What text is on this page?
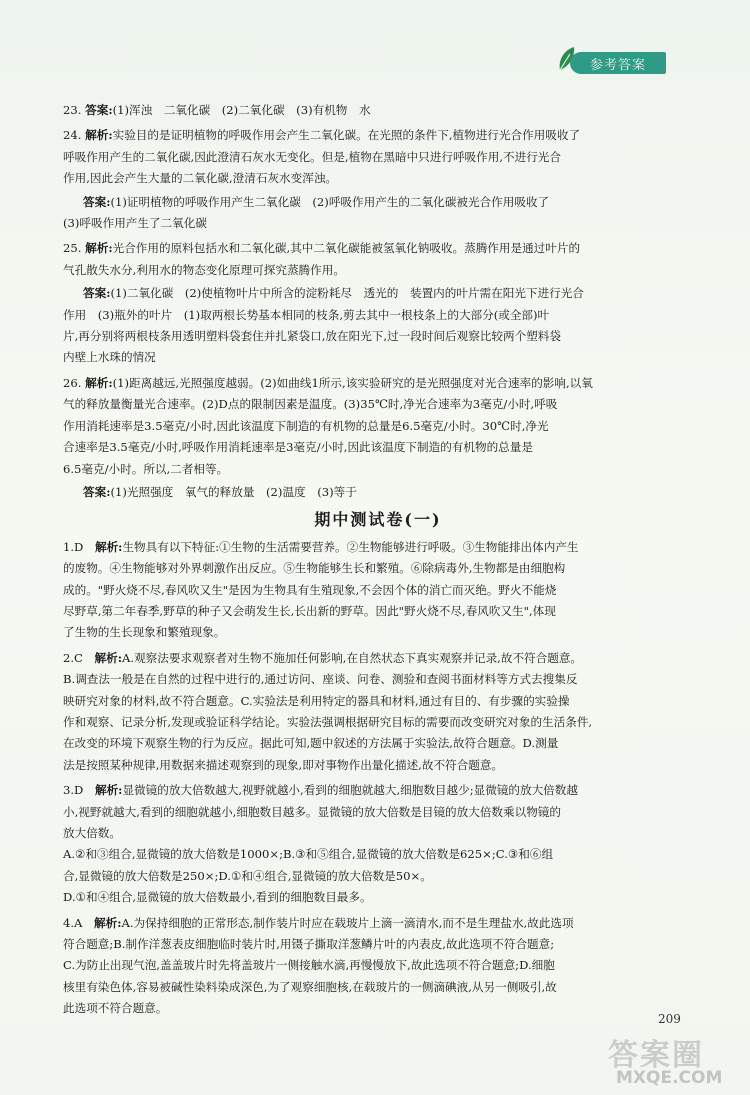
参考答案
23. 答案:(1)浑浊　二氧化碳　(2)二氧化碳　(3)有机物　水
24. 解析:实验目的是证明植物的呼吸作用会产生二氧化碳。在光照的条件下,植物进行光合作用吸收了
呼吸作用产生的二氧化碳,因此澄清石灰水无变化。但是,植物在黑暗中只进行呼吸作用,不进行光合
作用,因此会产生大量的二氧化碳,澄清石灰水变浑浊。
答案:(1)证明植物的呼吸作用产生二氧化碳　(2)呼吸作用产生的二氧化碳被光合作用吸收了
(3)呼吸作用产生了二氧化碳
25. 解析:光合作用的原料包括水和二氧化碳,其中二氧化碳能被氢氧化钠吸收。蒸腾作用是通过叶片的
气孔散失水分,利用水的物态变化原理可探究蒸腾作用。
答案:(1)二氧化碳　(2)使植物叶片中所含的淀粉耗尽　透光的　装置内的叶片需在阳光下进行光合
作用　(3)瓶外的叶片　(1)取两根长势基本相同的枝条,剪去其中一根枝条上的大部分(或全部)叶
片,再分别将两根枝条用透明塑料袋套住并扎紧袋口,放在阳光下,过一段时间后观察比较两个塑料袋
内壁上水珠的情况
26. 解析:(1)距离越远,光照强度越弱。(2)如曲线1所示,该实验研究的是光照强度对光合速率的影响,以氧
气的释放量衡量光合速率。(2)D点的限制因素是温度。(3)35℃时,净光合速率为3毫克/小时,呼吸
作用消耗速率是3.5毫克/小时,因此该温度下制造的有机物的总量是6.5毫克/小时。30℃时,净光
合速率是3.5毫克/小时,呼吸作用消耗速率是3毫克/小时,因此该温度下制造的有机物的总量是
6.5毫克/小时。所以,二者相等。
答案:(1)光照强度　氧气的释放量　(2)温度　(3)等于
期中测试卷(一)
1.D　 解析:生物具有以下特征:①生物的生活需要营养。②生物能够进行呼吸。③生物能排出体内产生
的废物。④生物能够对外界刺激作出反应。⑤生物能够生长和繁殖。⑥除病毒外,生物都是由细胞构
成的。"野火烧不尽,春风吹又生"是因为生物具有生殖现象,不会因个体的消亡而灭绝。野火不能烧
尽野草,第二年春季,野草的种子又会萌发生长,长出新的野草。因此"野火烧不尽,春风吹又生",体现
了生物的生长现象和繁殖现象。
2.C　 解析:A.观察法要求观察者对生物不施加任何影响,在自然状态下真实观察并记录,故不符合题意。
B.调查法一般是在自然的过程中进行的,通过访问、座谈、问卷、测验和查阅书面材料等方式去搜集反
映研究对象的材料,故不符合题意。C.实验法是利用特定的器具和材料,通过有目的、有步骤的实验操
作和观察、记录分析,发现或验证科学结论。实验法强调根据研究目标的需要而改变研究对象的生活条件,
在改变的环境下观察生物的行为反应。据此可知,题中叙述的方法属于实验法,故符合题意。D.测量
法是按照某种规律,用数据来描述观察到的现象,即对事物作出量化描述,故不符合题意。
3.D　 解析:显微镜的放大倍数越大,视野就越小,看到的细胞就越大,细胞数目越少;显微镜的放大倍数越
小,视野就越大,看到的细胞就越小,细胞数目越多。显微镜的放大倍数是目镜的放大倍数乘以物镜的
放大倍数。
A.②和③组合,显微镜的放大倍数是1000×;B.③和⑤组合,显微镜的放大倍数是625×;C.③和⑥组
合,显微镜的放大倍数是250×;D.①和④组合,显微镜的放大倍数是50×。
D.①和④组合,显微镜的放大倍数最小,看到的细胞数目最多。
4.A　 解析:A.为保持细胞的正常形态,制作装片时应在载玻片上滴一滴清水,而不是生理盐水,故此选项
符合题意;B.制作洋葱表皮细胞临时装片时,用镊子撕取洋葱鳞片叶的内表皮,故此选项不符合题意;
C.为防止出现气泡,盖盖玻片时先将盖玻片一侧接触水滴,再慢慢放下,故此选项不符合题意;D.细胞
核里有染色体,容易被碱性染料染成深色,为了观察细胞核,在载玻片的一侧滴碘液,从另一侧吸引,故
此选项不符合题意。
209
答案圈
MXQE.COM
